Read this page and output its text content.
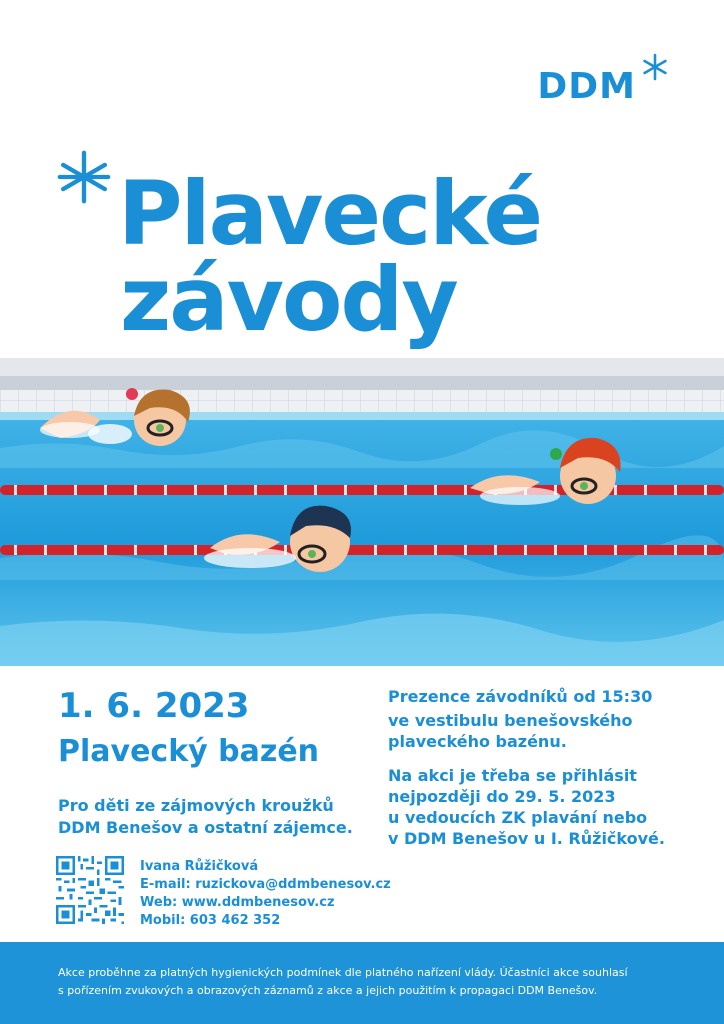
DDM
Plavecké
závody
1. 6. 2023
Plavecký bazén
Pro děti ze zájmových kroužků
DDM Benešov a ostatní zájemce.
Prezence závodníků od 15:30
ve vestibulu benešovského
plaveckého bazénu.
Na akci je třeba se přihlásit
nejpozději do 29. 5. 2023
u vedoucích ZK plavání nebo
v DDM Benešov u I. Růžičkové.
Ivana Růžičková
E-mail: ruzickova@ddmbenesov.cz
Web: www.ddmbenesov.cz
Mobil: 603 462 352
Akce proběhne za platných hygienických podmínek dle platného nařízení vlády. Účastníci akce souhlasí
s pořízením zvukových a obrazových záznamů z akce a jejich použitím k propagaci DDM Benešov.
